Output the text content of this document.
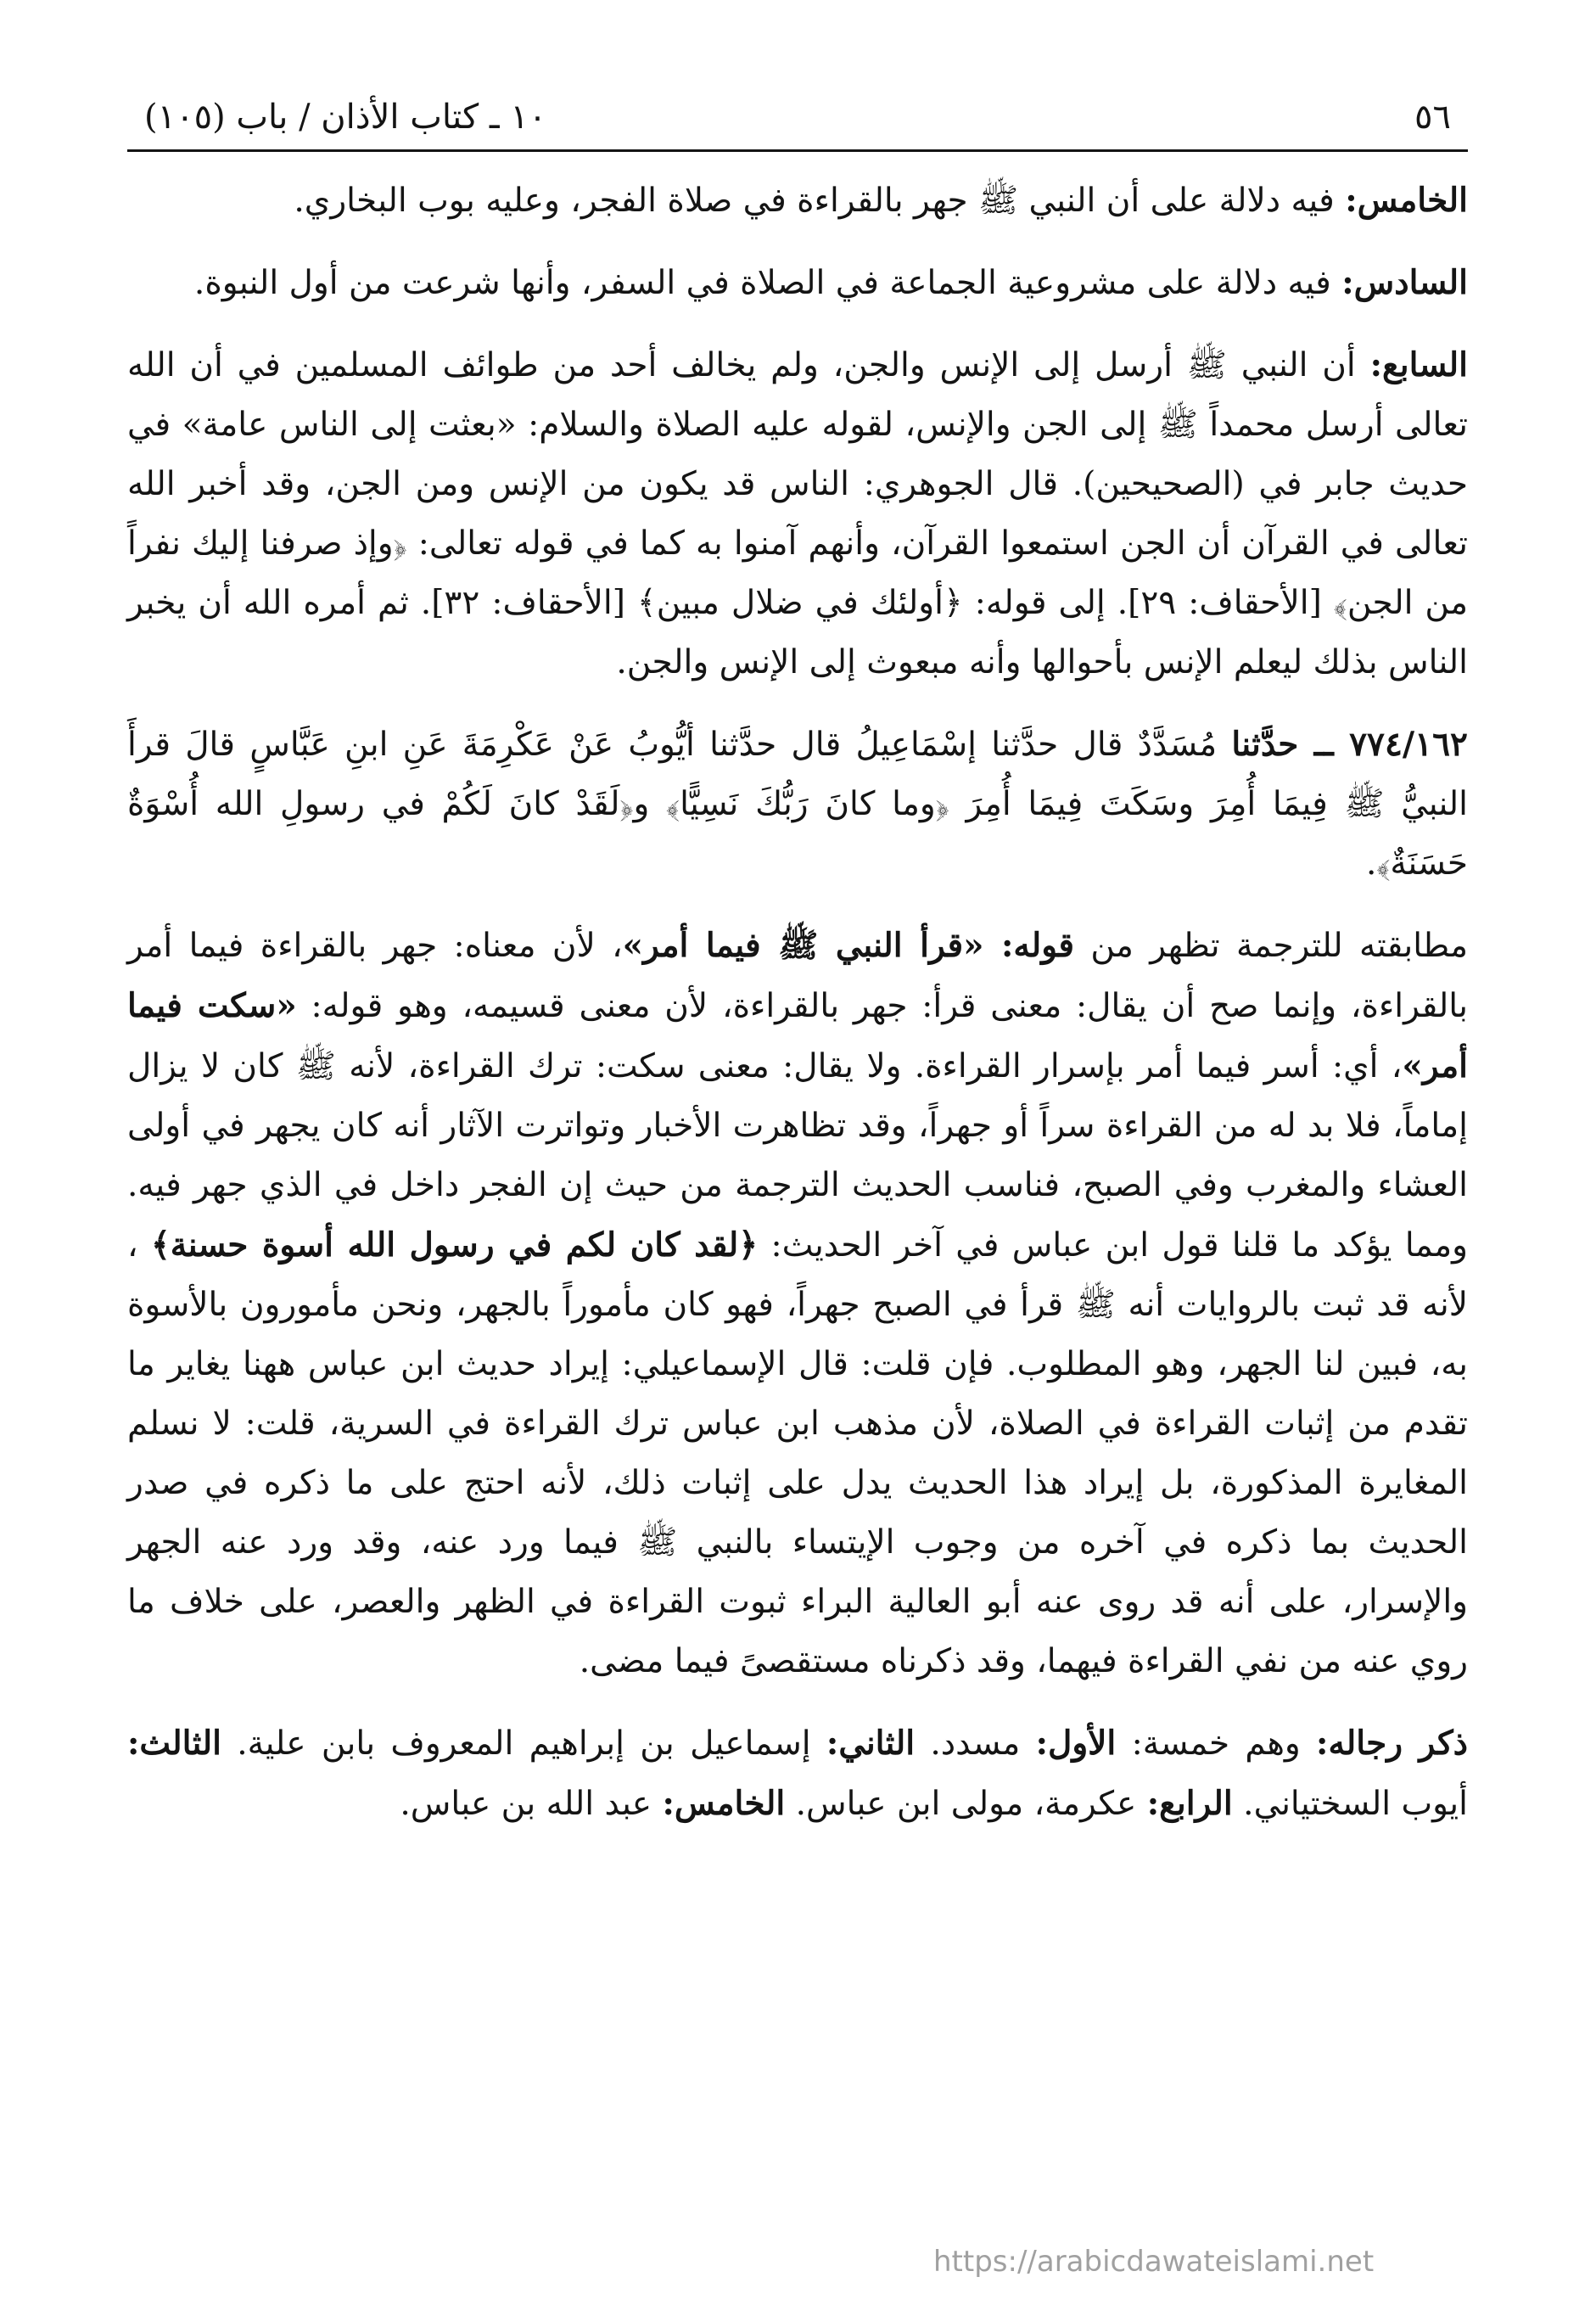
٥٦
١٠ ـ كتاب الأذان / باب (١٠٥)

الخامس: فيه دلالة على أن النبي ﷺ جهر بالقراءة في صلاة الفجر، وعليه بوب البخاري.

السادس: فيه دلالة على مشروعية الجماعة في الصلاة في السفر، وأنها شرعت من أول النبوة.

السابع: أن النبي ﷺ أرسل إلى الإنس والجن، ولم يخالف أحد من طوائف المسلمين في أن الله تعالى أرسل محمداً ﷺ إلى الجن والإنس، لقوله عليه الصلاة والسلام: «بعثت إلى الناس عامة» في حديث جابر في (الصحيحين). قال الجوهري: الناس قد يكون من الإنس ومن الجن، وقد أخبر الله تعالى في القرآن أن الجن استمعوا القرآن، وأنهم آمنوا به كما في قوله تعالى: ﴿وإذ صرفنا إليك نفراً من الجن﴾ [الأحقاف: ٢٩]. إلى قوله: ﴿أولئك في ضلال مبين﴾ [الأحقاف: ٣٢]. ثم أمره الله أن يخبر الناس بذلك ليعلم الإنس بأحوالها وأنه مبعوث إلى الإنس والجن.

٧٧٤/١٦٢ ــ حدَّثنا مُسَدَّدٌ قال حدَّثنا إسْمَاعِيلُ قال حدَّثنا أيُّوبُ عَنْ عَكْرِمَةَ عَنِ ابنِ عَبَّاسٍ قالَ قرأَ النبيُّ ﷺ فِيمَا أُمِرَ وسَكَتَ فِيمَا أُمِرَ ﴿وما كانَ رَبُّكَ نَسِيًّا﴾ و﴿لَقَدْ كانَ لَكُمْ في رسولِ الله أُسْوَةٌ حَسَنَةٌ﴾.

مطابقته للترجمة تظهر من قوله: «قرأ النبي ﷺ فيما أمر»، لأن معناه: جهر بالقراءة فيما أمر بالقراءة، وإنما صح أن يقال: معنى قرأ: جهر بالقراءة، لأن معنى قسيمه، وهو قوله: «سكت فيما أمر»، أي: أسر فيما أمر بإسرار القراءة. ولا يقال: معنى سكت: ترك القراءة، لأنه ﷺ كان لا يزال إماماً، فلا بد له من القراءة سراً أو جهراً، وقد تظاهرت الأخبار وتواترت الآثار أنه كان يجهر في أولى العشاء والمغرب وفي الصبح، فناسب الحديث الترجمة من حيث إن الفجر داخل في الذي جهر فيه. ومما يؤكد ما قلنا قول ابن عباس في آخر الحديث: ﴿لقد كان لكم في رسول الله أسوة حسنة﴾ ، لأنه قد ثبت بالروايات أنه ﷺ قرأ في الصبح جهراً، فهو كان مأموراً بالجهر، ونحن مأمورون بالأسوة به، فبين لنا الجهر، وهو المطلوب. فإن قلت: قال الإسماعيلي: إيراد حديث ابن عباس ههنا يغاير ما تقدم من إثبات القراءة في الصلاة، لأن مذهب ابن عباس ترك القراءة في السرية، قلت: لا نسلم المغايرة المذكورة، بل إيراد هذا الحديث يدل على إثبات ذلك، لأنه احتج على ما ذكره في صدر الحديث بما ذكره في آخره من وجوب الإيتساء بالنبي ﷺ فيما ورد عنه، وقد ورد عنه الجهر والإسرار، على أنه قد روى عنه أبو العالية البراء ثبوت القراءة في الظهر والعصر، على خلاف ما روي عنه من نفي القراءة فيهما، وقد ذكرناه مستقصىً فيما مضى.

ذكر رجاله: وهم خمسة: الأول: مسدد. الثاني: إسماعيل بن إبراهيم المعروف بابن علية. الثالث: أيوب السختياني. الرابع: عكرمة، مولى ابن عباس. الخامس: عبد الله بن عباس.

https://arabicdawateislami.net
